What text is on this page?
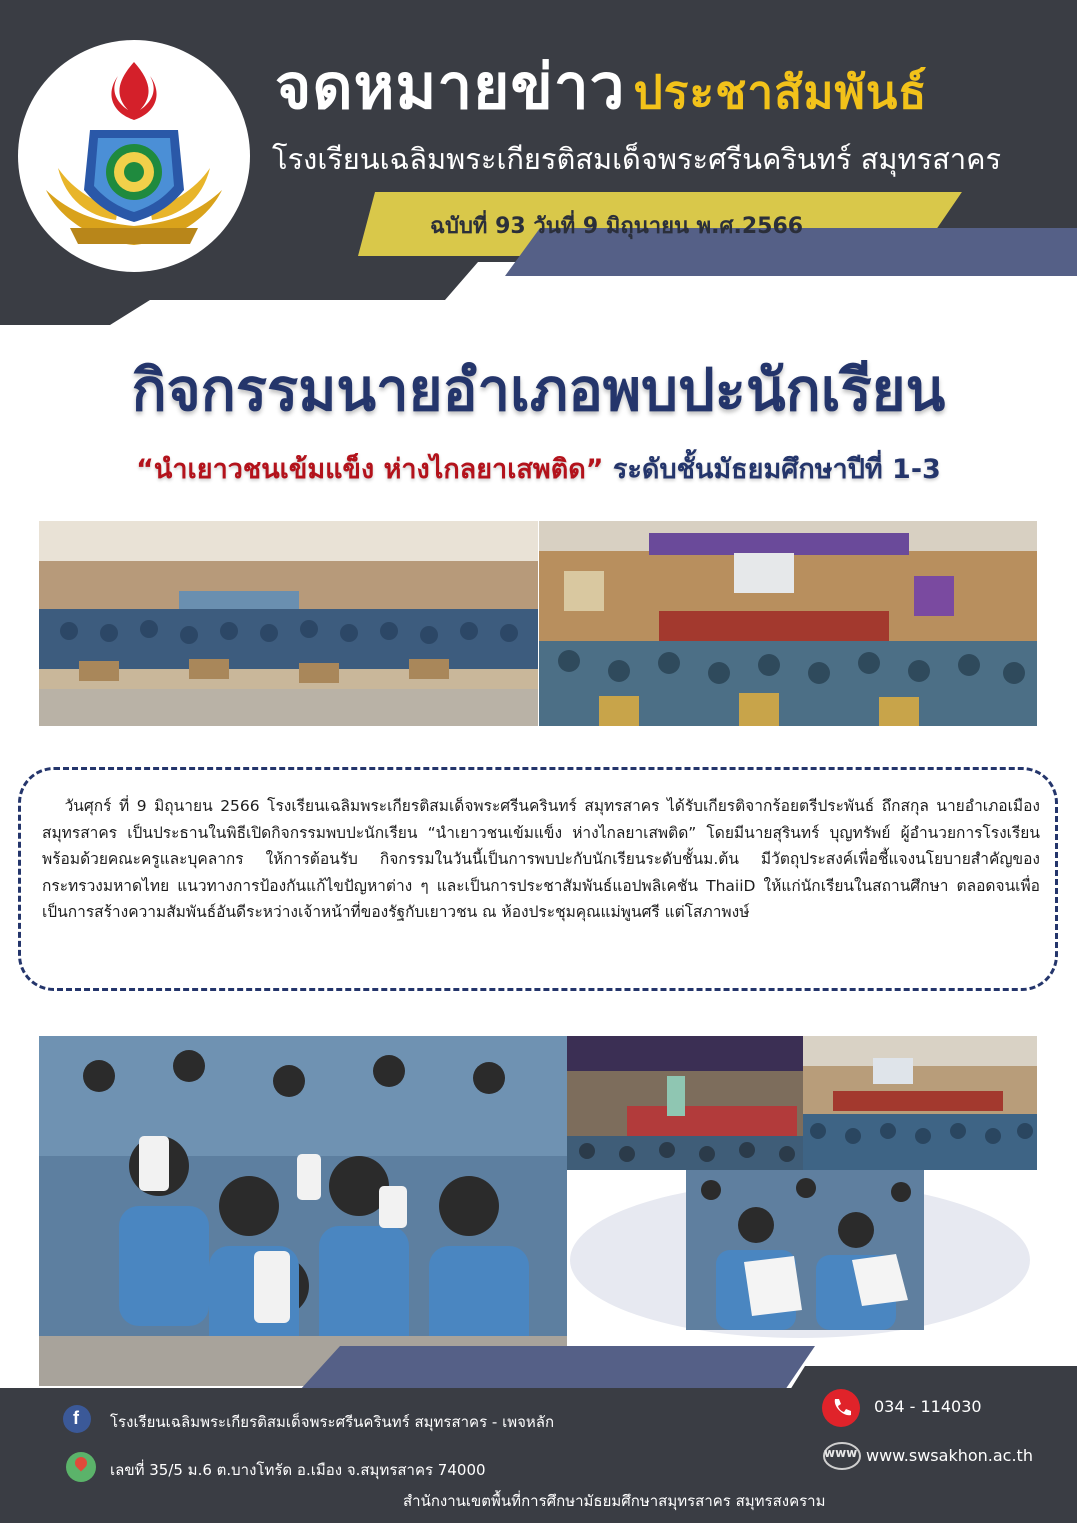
จดหมายข่าว ประชาสัมพันธ์
โรงเรียนเฉลิมพระเกียรติสมเด็จพระศรีนครินทร์ สมุทรสาคร
ฉบับที่ 93 วันที่ 9 มิถุนายน พ.ศ.2566
กิจกรรมนายอำเภอพบปะนักเรียน
“นำเยาวชนเข้มแข็ง ห่างไกลยาเสพติด” ระดับชั้นมัธยมศึกษาปีที่ 1-3
วันศุกร์ ที่ 9 มิถุนายน 2566 โรงเรียนเฉลิมพระเกียรติสมเด็จพระศรีนครินทร์ สมุทรสาคร ได้รับเกียรติจากร้อยตรีประพันธ์ ถึกสกุล นายอำเภอเมืองสมุทรสาคร เป็นประธานในพิธีเปิดกิจกรรมพบปะนักเรียน “นำเยาวชนเข้มแข็ง ห่างไกลยาเสพติด” โดยมีนายสุรินทร์ บุญทรัพย์ ผู้อำนวยการโรงเรียน พร้อมด้วยคณะครูและบุคลากร ให้การต้อนรับ กิจกรรมในวันนี้เป็นการพบปะกับนักเรียนระดับชั้นม.ต้น มีวัตถุประสงค์เพื่อชี้แจงนโยบายสำคัญของกระทรวงมหาดไทย แนวทางการป้องกันแก้ไขปัญหาต่าง ๆ และเป็นการประชาสัมพันธ์แอปพลิเคชัน ThaiiD ให้แก่นักเรียนในสถานศึกษา ตลอดจนเพื่อเป็นการสร้างความสัมพันธ์อันดีระหว่างเจ้าหน้าที่ของรัฐกับเยาวชน ณ ห้องประชุมคุณแม่พูนศรี แต่โสภาพงษ์
f โรงเรียนเฉลิมพระเกียรติสมเด็จพระศรีนครินทร์ สมุทรสาคร - เพจหลัก
เลขที่ 35/5 ม.6 ต.บางโทรัด อ.เมือง จ.สมุทรสาคร 74000
034 - 114030
www www.swsakhon.ac.th
สำนักงานเขตพื้นที่การศึกษามัธยมศึกษาสมุทรสาคร สมุทรสงคราม
